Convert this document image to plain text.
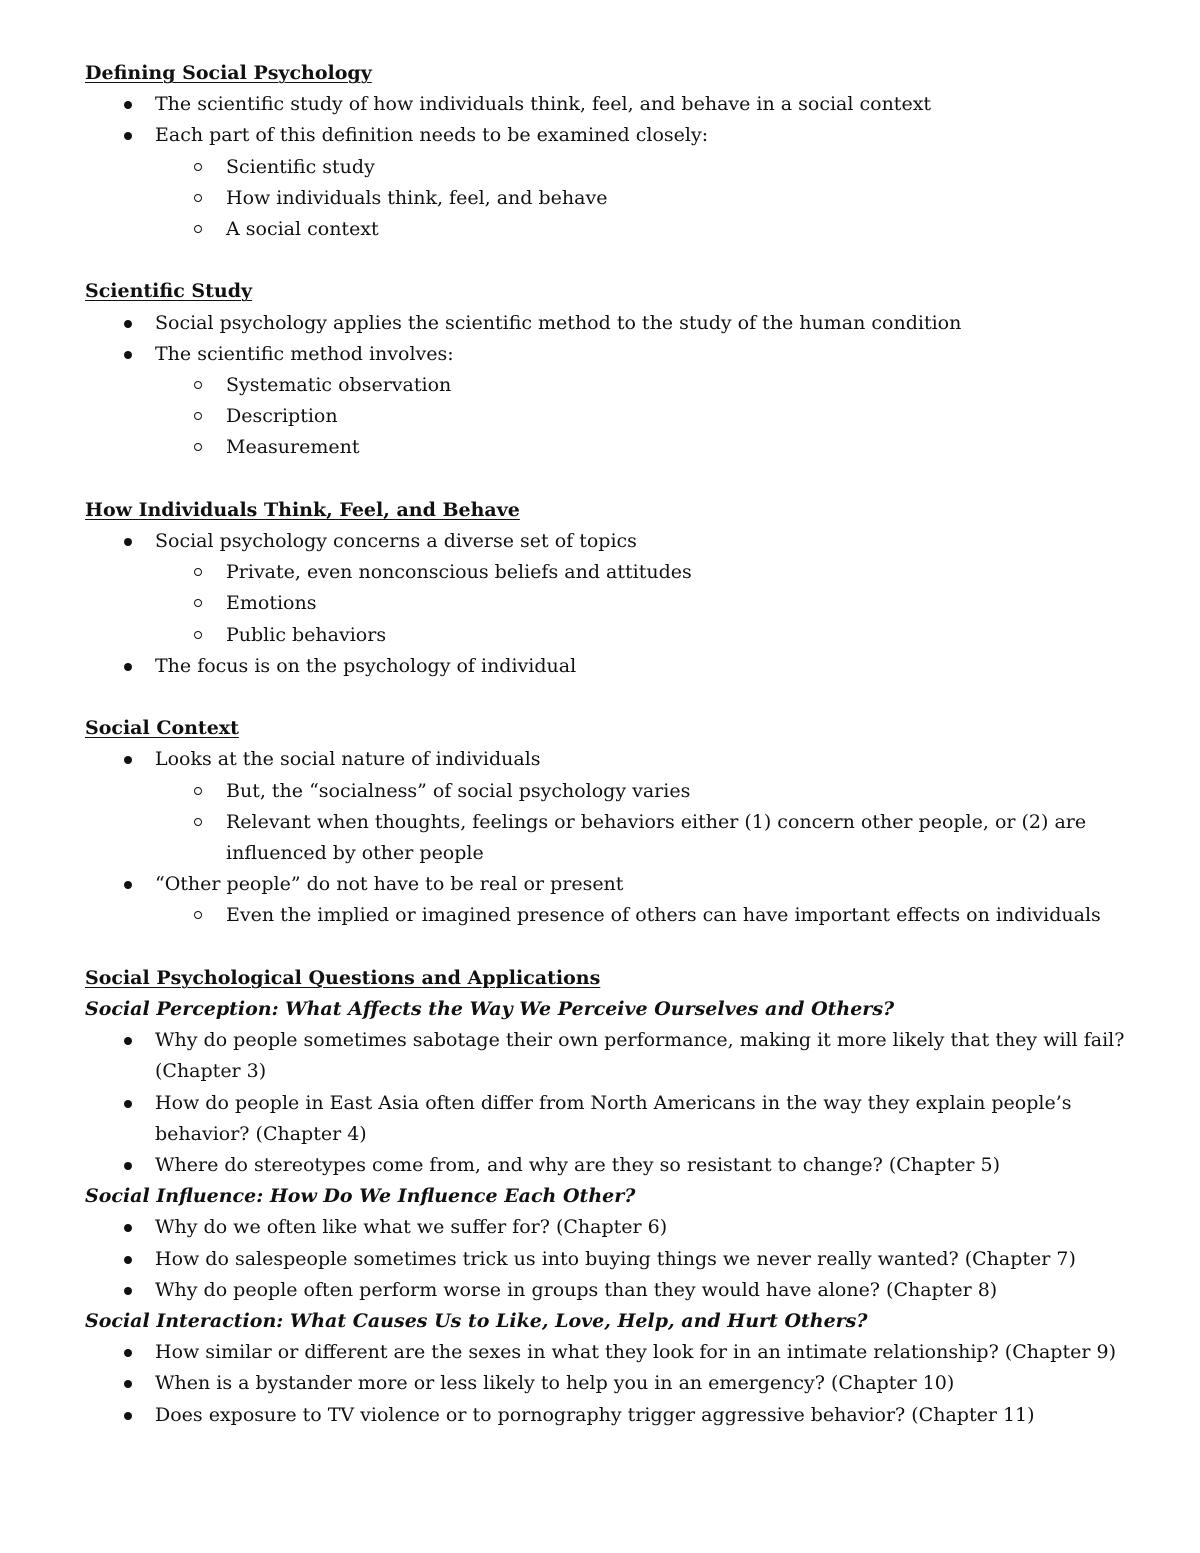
Defining Social Psychology
The scientific study of how individuals think, feel, and behave in a social context
Each part of this definition needs to be examined closely:
Scientific study
How individuals think, feel, and behave
A social context
Scientific Study
Social psychology applies the scientific method to the study of the human condition
The scientific method involves:
Systematic observation
Description
Measurement
How Individuals Think, Feel, and Behave
Social psychology concerns a diverse set of topics
Private, even nonconscious beliefs and attitudes
Emotions
Public behaviors
The focus is on the psychology of individual
Social Context
Looks at the social nature of individuals
But, the “socialness” of social psychology varies
Relevant when thoughts, feelings or behaviors either (1) concern other people, or (2) are influenced by other people
“Other people” do not have to be real or present
Even the implied or imagined presence of others can have important effects on individuals
Social Psychological Questions and Applications
Social Perception: What Affects the Way We Perceive Ourselves and Others?
Why do people sometimes sabotage their own performance, making it more likely that they will fail? (Chapter 3)
How do people in East Asia often differ from North Americans in the way they explain people’s behavior? (Chapter 4)
Where do stereotypes come from, and why are they so resistant to change? (Chapter 5)
Social Influence: How Do We Influence Each Other?
Why do we often like what we suffer for? (Chapter 6)
How do salespeople sometimes trick us into buying things we never really wanted? (Chapter 7)
Why do people often perform worse in groups than they would have alone? (Chapter 8)
Social Interaction: What Causes Us to Like, Love, Help, and Hurt Others?
How similar or different are the sexes in what they look for in an intimate relationship? (Chapter 9)
When is a bystander more or less likely to help you in an emergency? (Chapter 10)
Does exposure to TV violence or to pornography trigger aggressive behavior? (Chapter 11)
